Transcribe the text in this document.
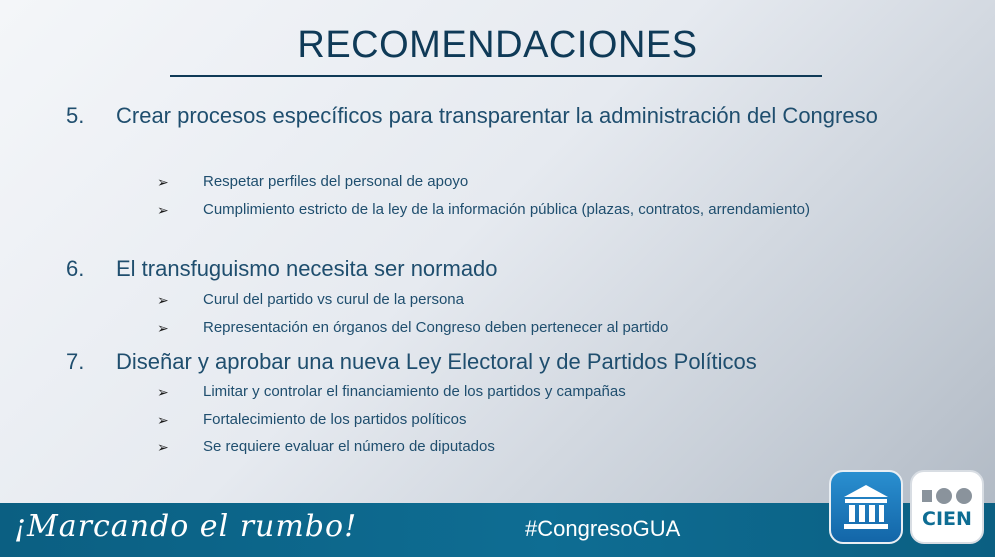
RECOMENDACIONES
5.	Crear procesos específicos para transparentar la administración del Congreso
➢	Respetar perfiles del personal de apoyo
➢	Cumplimiento estricto de la ley de la información pública (plazas, contratos, arrendamiento)
6.	El transfuguismo necesita ser normado
➢	Curul del partido vs curul de la persona
➢	Representación en órganos del Congreso deben pertenecer al partido
7.	Diseñar y aprobar una nueva Ley Electoral y de Partidos Políticos
➢	Limitar y controlar el financiamiento de los partidos y campañas
➢	Fortalecimiento de los partidos políticos
➢	Se requiere evaluar el número de diputados
¡Marcando el rumbo!	#CongresoGUA	CIEN
